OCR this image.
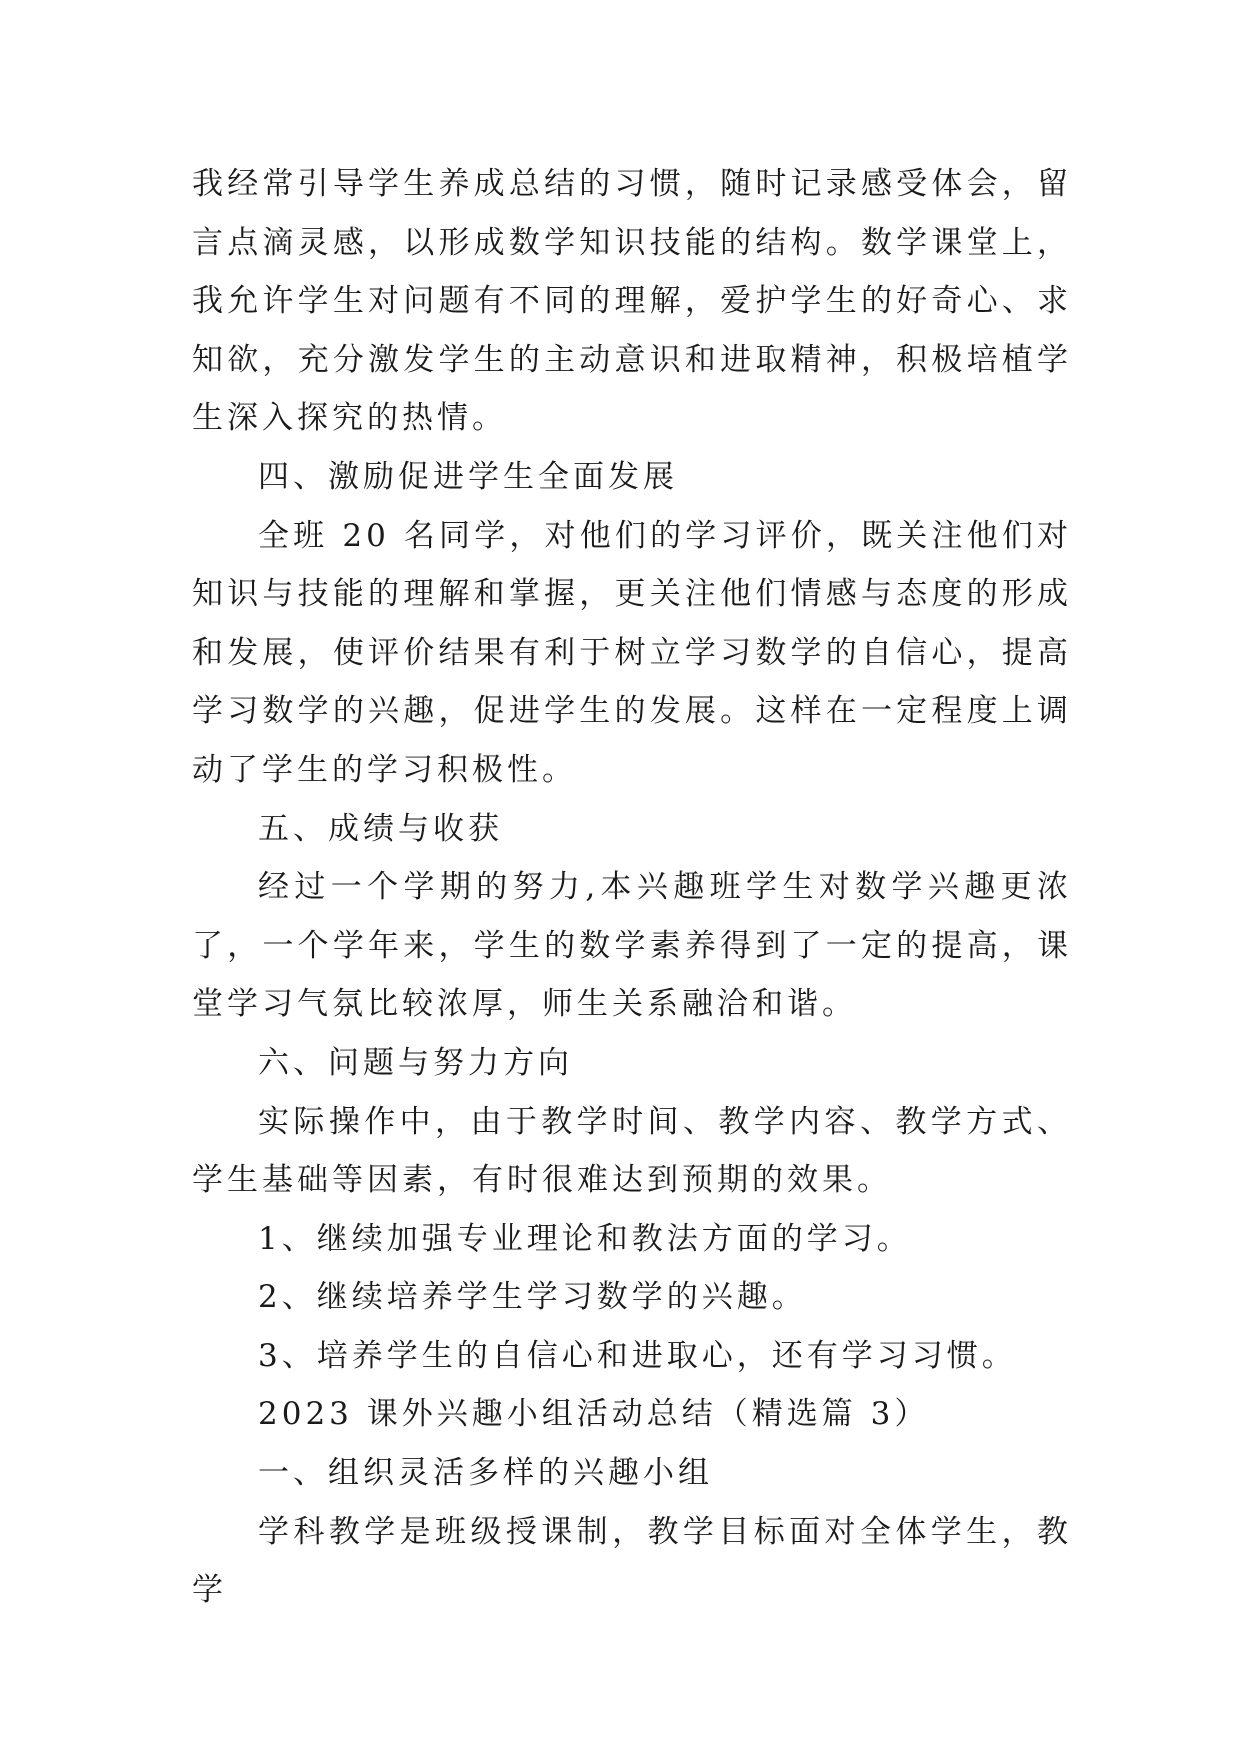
我经常引导学生养成总结的习惯，随时记录感受体会，留言点滴灵感，以形成数学知识技能的结构。数学课堂上，我允许学生对问题有不同的理解，爱护学生的好奇心、求知欲，充分激发学生的主动意识和进取精神，积极培植学生深入探究的热情。

四、激励促进学生全面发展

全班 20 名同学，对他们的学习评价，既关注他们对知识与技能的理解和掌握，更关注他们情感与态度的形成和发展，使评价结果有利于树立学习数学的自信心，提高学习数学的兴趣，促进学生的发展。这样在一定程度上调动了学生的学习积极性。

五、成绩与收获

经过一个学期的努力,本兴趣班学生对数学兴趣更浓了，一个学年来，学生的数学素养得到了一定的提高，课堂学习气氛比较浓厚，师生关系融洽和谐。

六、问题与努力方向

实际操作中，由于教学时间、教学内容、教学方式、学生基础等因素，有时很难达到预期的效果。

1、继续加强专业理论和教法方面的学习。

2、继续培养学生学习数学的兴趣。

3、培养学生的自信心和进取心，还有学习习惯。

2023 课外兴趣小组活动总结（精选篇 3）

一、组织灵活多样的兴趣小组

学科教学是班级授课制，教学目标面对全体学生，教学
